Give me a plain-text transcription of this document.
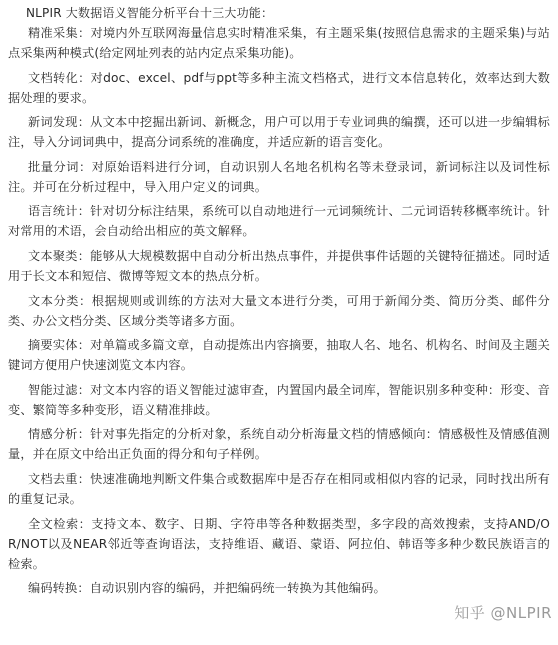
NLPIR 大数据语义智能分析平台十三大功能：
精准采集：对境内外互联网海量信息实时精准采集，有主题采集(按照信息需求的主题采集)与站点采集两种模式(给定网址列表的站内定点采集功能)。
文档转化：对doc、excel、pdf与ppt等多种主流文档格式，进行文本信息转化，效率达到大数据处理的要求。
新词发现：从文本中挖掘出新词、新概念，用户可以用于专业词典的编撰，还可以进一步编辑标注，导入分词词典中，提高分词系统的准确度，并适应新的语言变化。
批量分词：对原始语料进行分词，自动识别人名地名机构名等未登录词，新词标注以及词性标注。并可在分析过程中，导入用户定义的词典。
语言统计：针对切分标注结果，系统可以自动地进行一元词频统计、二元词语转移概率统计。针对常用的术语，会自动给出相应的英文解释。
文本聚类：能够从大规模数据中自动分析出热点事件，并提供事件话题的关键特征描述。同时适用于长文本和短信、微博等短文本的热点分析。
文本分类：根据规则或训练的方法对大量文本进行分类，可用于新闻分类、简历分类、邮件分类、办公文档分类、区域分类等诸多方面。
摘要实体：对单篇或多篇文章，自动提炼出内容摘要，抽取人名、地名、机构名、时间及主题关键词方便用户快速浏览文本内容。
智能过滤：对文本内容的语义智能过滤审查，内置国内最全词库，智能识别多种变种：形变、音变、繁简等多种变形，语义精准排歧。
情感分析：针对事先指定的分析对象，系统自动分析海量文档的情感倾向：情感极性及情感值测量，并在原文中给出正负面的得分和句子样例。
文档去重：快速准确地判断文件集合或数据库中是否存在相同或相似内容的记录，同时找出所有的重复记录。
全文检索：支持文本、数字、日期、字符串等各种数据类型，多字段的高效搜索，支持AND/OR/NOT以及NEAR邻近等查询语法，支持维语、藏语、蒙语、阿拉伯、韩语等多种少数民族语言的检索。
编码转换：自动识别内容的编码，并把编码统一转换为其他编码。
知乎 @NLPIR
